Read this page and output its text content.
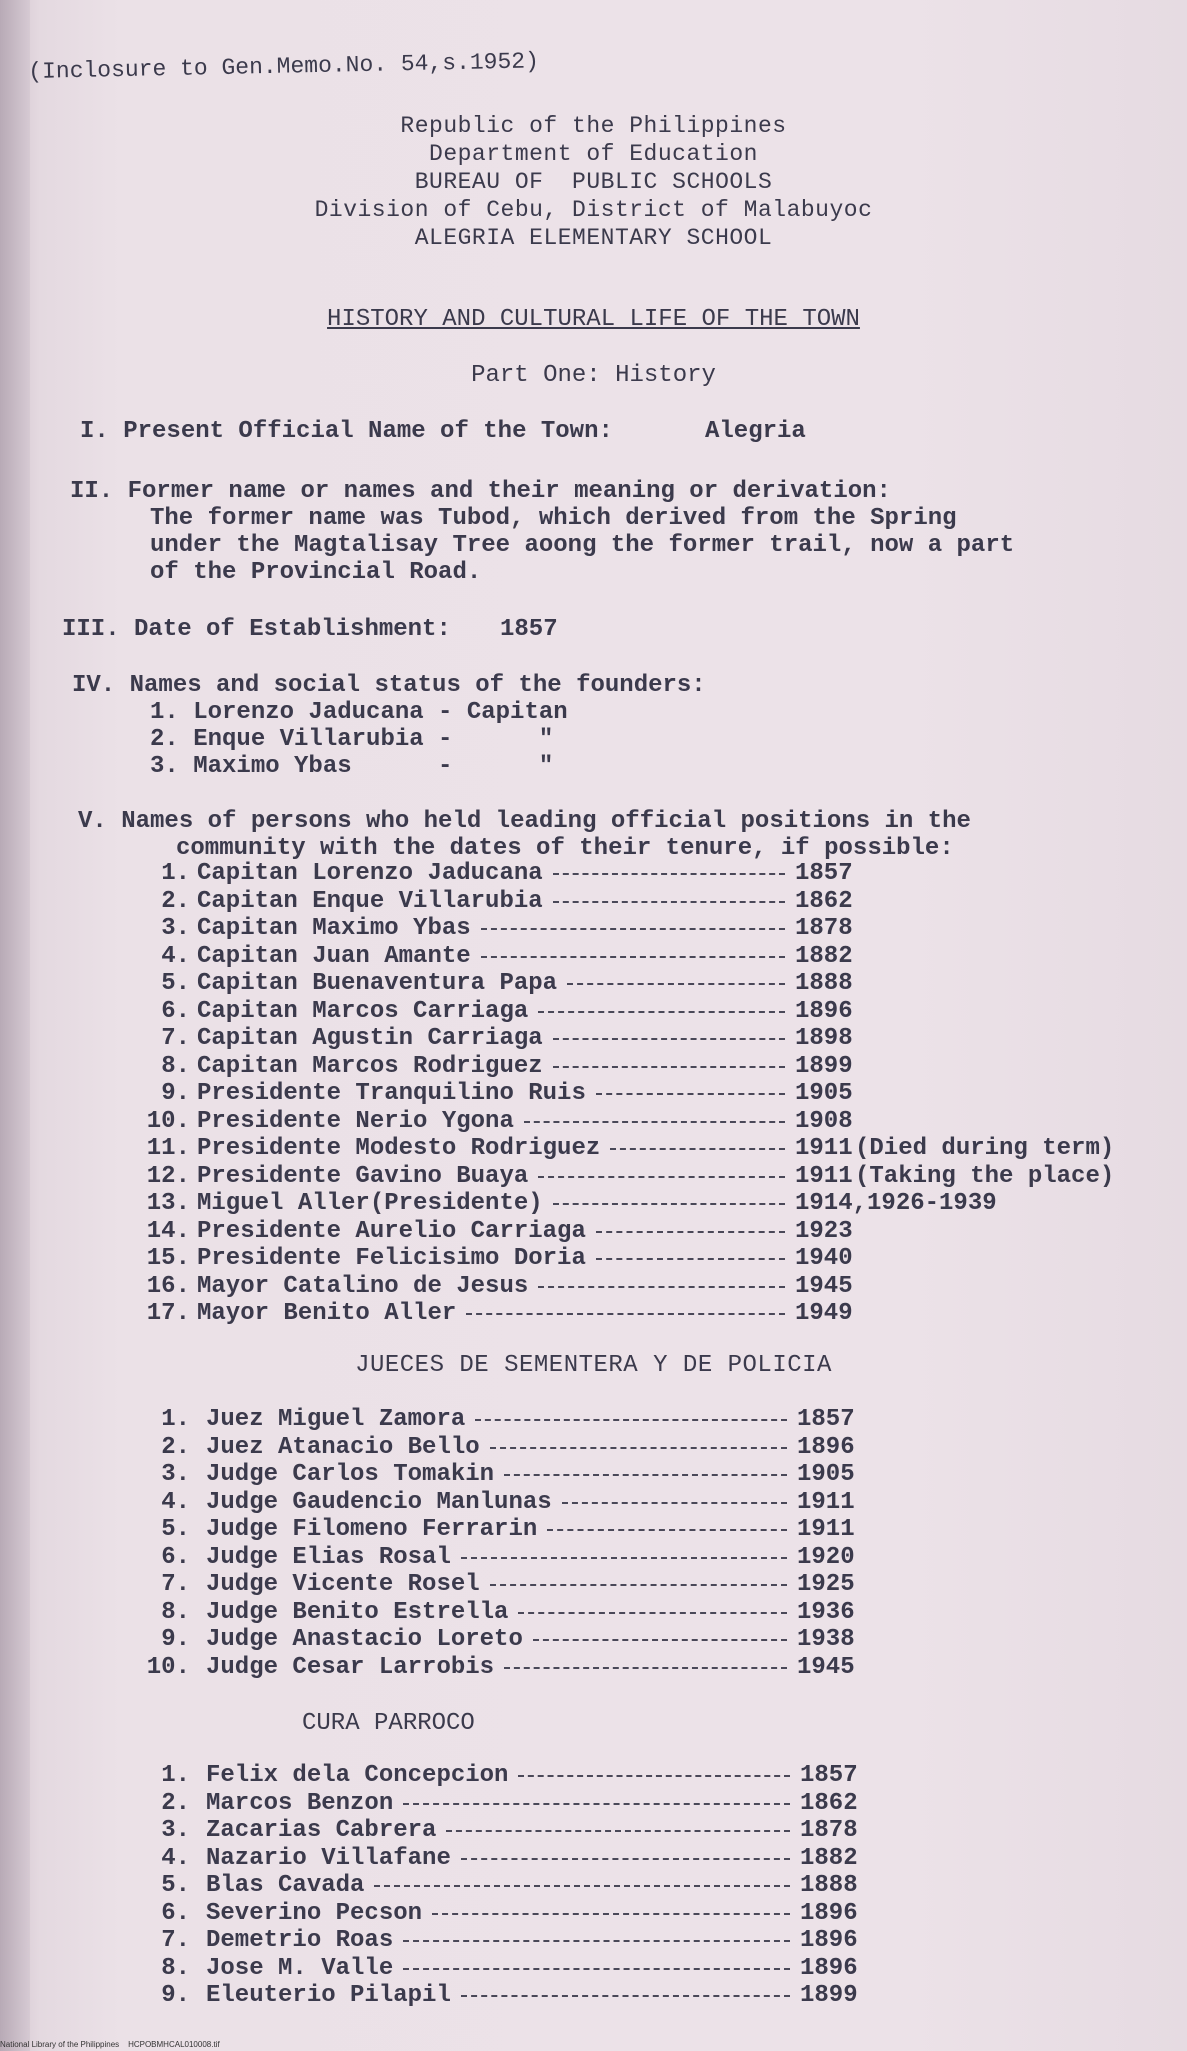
(Inclosure to Gen.Memo.No. 54,s.1952)
Republic of the Philippines
Department of Education
BUREAU OF  PUBLIC SCHOOLS
Division of Cebu, District of Malabuyoc
ALEGRIA ELEMENTARY SCHOOL
HISTORY AND CULTURAL LIFE OF THE TOWN
Part One: History
I. Present Official Name of the Town:	Alegria
II. Former name or names and their meaning or derivation:
The former name was Tubod, which derived from the Spring
under the Magtalisay Tree aoong the former trail, now a part
of the Provincial Road.
III. Date of Establishment: 1857
IV. Names and social status of the founders:
1. Lorenzo Jaducana - Capitan
2. Enque Villarubia -      "
3. Maximo Ybas      -      "
V. Names of persons who held leading official positions in the
community with the dates of their tenure, if possible:
1. Capitan Lorenzo Jaducana	1857
2. Capitan Enque Villarubia	1862
3. Capitan Maximo Ybas	1878
4. Capitan Juan Amante	1882
5. Capitan Buenaventura Papa	1888
6. Capitan Marcos Carriaga	1896
7. Capitan Agustin Carriaga	1898
8. Capitan Marcos Rodriguez	1899
9. Presidente Tranquilino Ruis	1905
10. Presidente Nerio Ygona	1908
11. Presidente Modesto Rodriguez	1911 (Died during term)
12. Presidente Gavino Buaya	1911 (Taking the place)
13. Miguel Aller(Presidente)	1914,1926-1939
14. Presidente Aurelio Carriaga	1923
15. Presidente Felicisimo Doria	1940
16. Mayor Catalino de Jesus	1945
17. Mayor Benito Aller	1949
JUECES DE SEMENTERA Y DE POLICIA
1. Juez Miguel Zamora	1857
2. Juez Atanacio Bello	1896
3. Judge Carlos Tomakin	1905
4. Judge Gaudencio Manlunas	1911
5. Judge Filomeno Ferrarin	1911
6. Judge Elias Rosal	1920
7. Judge Vicente Rosel	1925
8. Judge Benito Estrella	1936
9. Judge Anastacio Loreto	1938
10. Judge Cesar Larrobis	1945
CURA PARROCO
1. Felix dela Concepcion	1857
2. Marcos Benzon	1862
3. Zacarias Cabrera	1878
4. Nazario Villafane	1882
5. Blas Cavada	1888
6. Severino Pecson	1896
7. Demetrio Roas	1896
8. Jose M. Valle	1896
9. Eleuterio Pilapil	1899
National Library of the Philippines    HCPOBMHCAL010008.tif
